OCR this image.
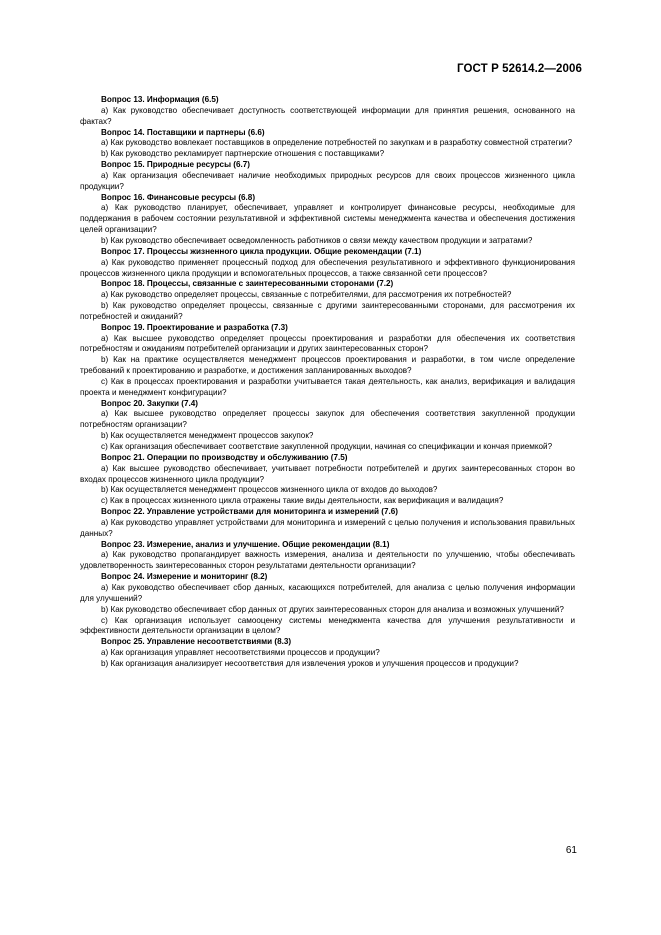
ГОСТ Р 52614.2—2006

Вопрос 13. Информация (6.5)

а) Как руководство обеспечивает доступность соответствующей информации для принятия решения, основанного на фактах?

Вопрос 14. Поставщики и партнеры (6.6)

а) Как руководство вовлекает поставщиков в определение потребностей по закупкам и в разработку совместной стратегии?

b) Как руководство рекламирует партнерские отношения с поставщиками?

Вопрос 15. Природные ресурсы (6.7)

а) Как организация обеспечивает наличие необходимых природных ресурсов для своих процессов жизненного цикла продукции?

Вопрос 16. Финансовые ресурсы (6.8)

а) Как руководство планирует, обеспечивает, управляет и контролирует финансовые ресурсы, необходимые для поддержания в рабочем состоянии результативной и эффективной системы менеджмента качества и обеспечения достижения целей организации?

b) Как руководство обеспечивает осведомленность работников о связи между качеством продукции и затратами?

Вопрос 17. Процессы жизненного цикла продукции. Общие рекомендации (7.1)

а) Как руководство применяет процессный подход для обеспечения результативного и эффективного функционирования процессов жизненного цикла продукции и вспомогательных процессов, а также связанной сети процессов?

Вопрос 18. Процессы, связанные с заинтересованными сторонами (7.2)

а) Как руководство определяет процессы, связанные с потребителями, для рассмотрения их потребностей?

b) Как руководство определяет процессы, связанные с другими заинтересованными сторонами, для рассмотрения их потребностей и ожиданий?

Вопрос 19. Проектирование и разработка (7.3)

а) Как высшее руководство определяет процессы проектирования и разработки для обеспечения их соответствия потребностям и ожиданиям потребителей организации и других заинтересованных сторон?

b) Как на практике осуществляется менеджмент процессов проектирования и разработки, в том числе определение требований к проектированию и разработке, и достижения запланированных выходов?

с) Как в процессах проектирования и разработки учитывается такая деятельность, как анализ, верификация и валидация проекта и менеджмент конфигурации?

Вопрос 20. Закупки (7.4)

а) Как высшее руководство определяет процессы закупок для обеспечения соответствия закупленной продукции потребностям организации?

b) Как осуществляется менеджмент процессов закупок?

с) Как организация обеспечивает соответствие закупленной продукции, начиная со спецификации и кончая приемкой?

Вопрос 21. Операции по производству и обслуживанию (7.5)

а) Как высшее руководство обеспечивает, учитывает потребности потребителей и других заинтересованных сторон во входах процессов жизненного цикла продукции?

b) Как осуществляется менеджмент процессов жизненного цикла от входов до выходов?

с) Как в процессах жизненного цикла отражены такие виды деятельности, как верификация и валидация?

Вопрос 22. Управление устройствами для мониторинга и измерений (7.6)

а) Как руководство управляет устройствами для мониторинга и измерений с целью получения и использования правильных данных?

Вопрос 23. Измерение, анализ и улучшение. Общие рекомендации (8.1)

а) Как руководство пропагандирует важность измерения, анализа и деятельности по улучшению, чтобы обеспечивать удовлетворенность заинтересованных сторон результатами деятельности организации?

Вопрос 24. Измерение и мониторинг (8.2)

а) Как руководство обеспечивает сбор данных, касающихся потребителей, для анализа с целью получения информации для улучшений?

b) Как руководство обеспечивает сбор данных от других заинтересованных сторон для анализа и возможных улучшений?

с) Как организация использует самооценку системы менеджмента качества для улучшения результативности и эффективности деятельности организации в целом?

Вопрос 25. Управление несоответствиями (8.3)

а) Как организация управляет несоответствиями процессов и продукции?

b) Как организация анализирует несоответствия для извлечения уроков и улучшения процессов и продукции?

61
